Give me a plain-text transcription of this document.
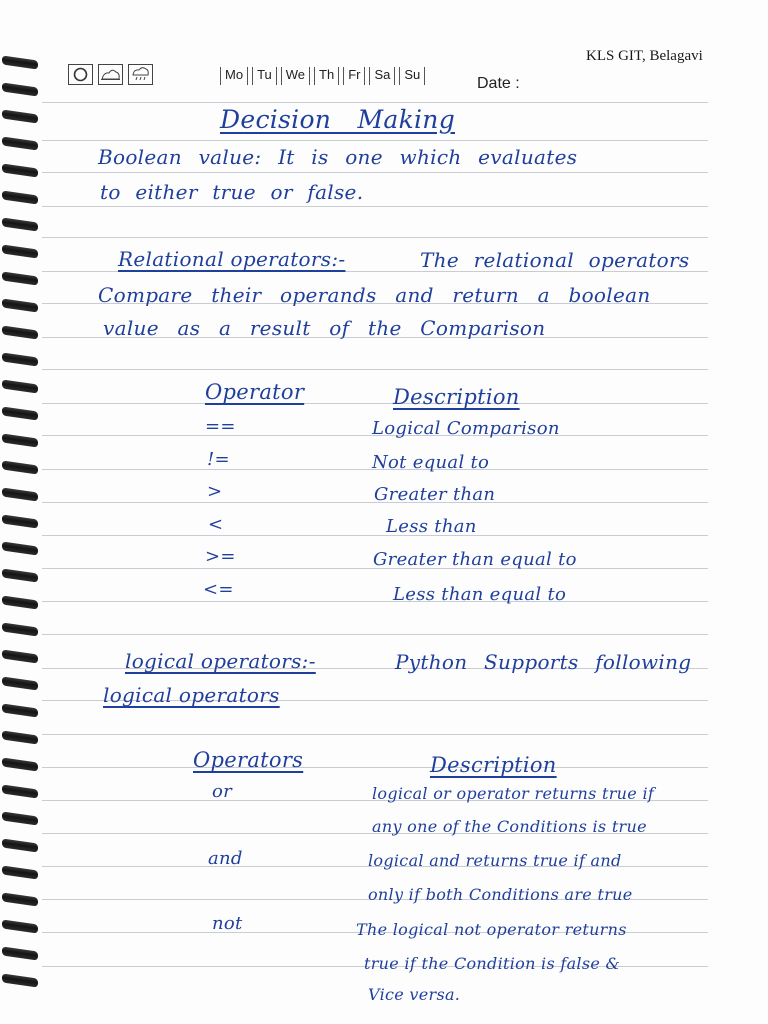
KLS GIT, Belagavi
Mo	Tu	We	Th	Fr	Sa	Su
Date :
Decision Making
Boolean value: It is one which evaluates
to either true or false.
Relational operators:-	The relational operators
Compare their operands and return a boolean
value as a result of the Comparison
Operator	Description
==	Logical Comparison
!=	Not equal to
>	Greater than
<	Less than
>=	Greater than equal to
<=	Less than equal to
logical operators:-	Python Supports following
logical operators
Operators	Description
or	logical or operator returns true if
any one of the Conditions is true
and	logical and returns true if and
only if both Conditions are true
not	The logical not operator returns
true if the Condition is false &
Vice versa.
